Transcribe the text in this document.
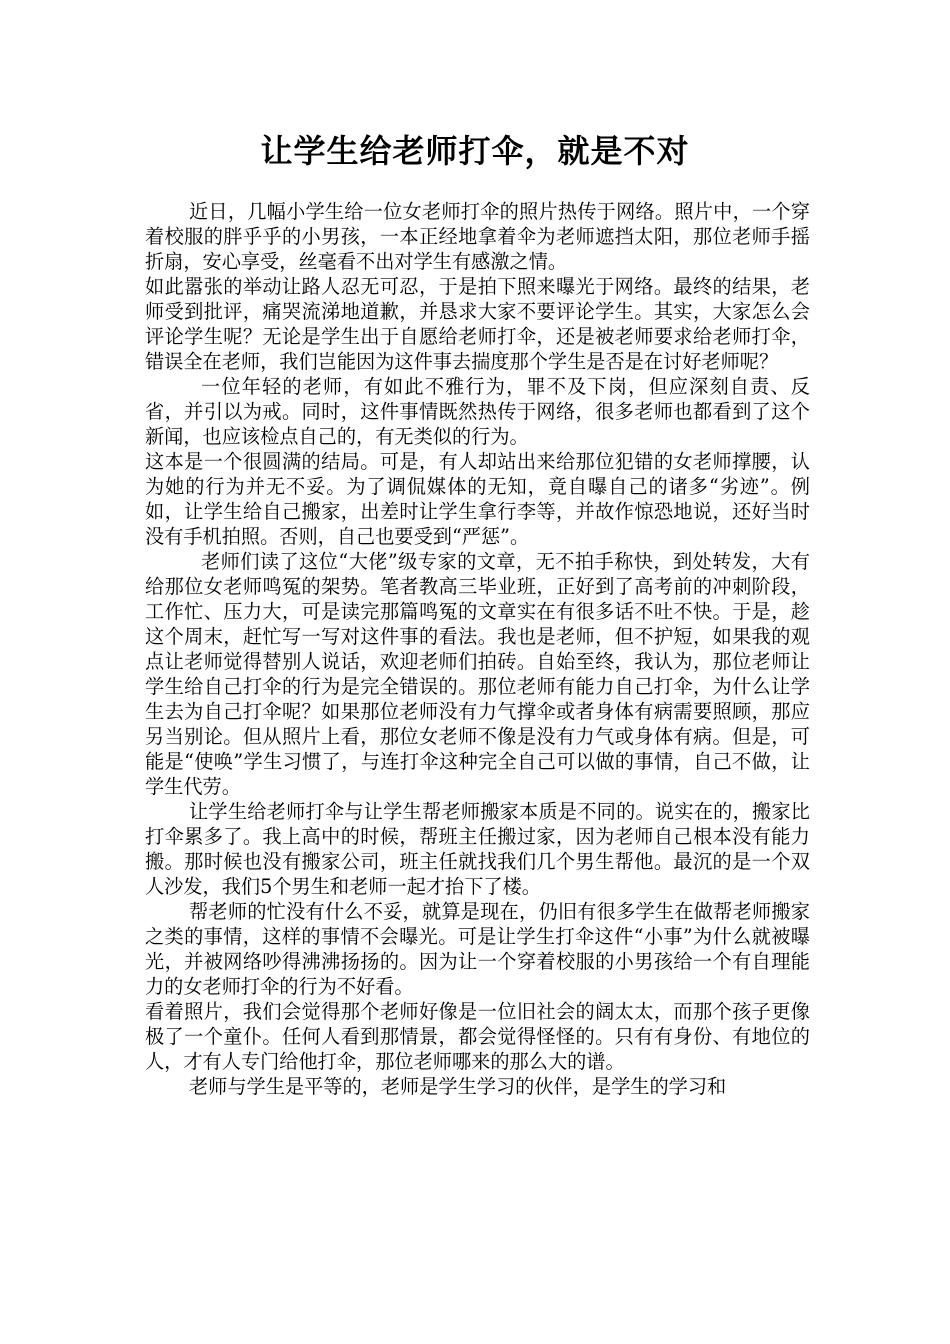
让学生给老师打伞，就是不对

近日，几幅小学生给一位女老师打伞的照片热传于网络。照片中，一个穿着校服的胖乎乎的小男孩，一本正经地拿着伞为老师遮挡太阳，那位老师手摇折扇，安心享受，丝毫看不出对学生有感激之情。

如此嚣张的举动让路人忍无可忍，于是拍下照来曝光于网络。最终的结果，老师受到批评，痛哭流涕地道歉，并恳求大家不要评论学生。其实，大家怎么会评论学生呢？无论是学生出于自愿给老师打伞，还是被老师要求给老师打伞，错误全在老师，我们岂能因为这件事去揣度那个学生是否是在讨好老师呢？

一位年轻的老师，有如此不雅行为，罪不及下岗，但应深刻自责、反省，并引以为戒。同时，这件事情既然热传于网络，很多老师也都看到了这个新闻，也应该检点自己的，有无类似的行为。

这本是一个很圆满的结局。可是，有人却站出来给那位犯错的女老师撑腰，认为她的行为并无不妥。为了调侃媒体的无知，竟自曝自己的诸多“劣迹”。例如，让学生给自己搬家，出差时让学生拿行李等，并故作惊恐地说，还好当时没有手机拍照。否则，自己也要受到“严惩”。

老师们读了这位“大佬”级专家的文章，无不拍手称快，到处转发，大有给那位女老师鸣冤的架势。笔者教高三毕业班，正好到了高考前的冲刺阶段，工作忙、压力大，可是读完那篇鸣冤的文章实在有很多话不吐不快。于是，趁这个周末，赶忙写一写对这件事的看法。我也是老师，但不护短，如果我的观点让老师觉得替别人说话，欢迎老师们拍砖。自始至终，我认为，那位老师让学生给自己打伞的行为是完全错误的。那位老师有能力自己打伞，为什么让学生去为自己打伞呢？如果那位老师没有力气撑伞或者身体有病需要照顾，那应另当别论。但从照片上看，那位女老师不像是没有力气或身体有病。但是，可能是“使唤”学生习惯了，与连打伞这种完全自己可以做的事情，自己不做，让学生代劳。

让学生给老师打伞与让学生帮老师搬家本质是不同的。说实在的，搬家比打伞累多了。我上高中的时候，帮班主任搬过家，因为老师自己根本没有能力搬。那时候也没有搬家公司，班主任就找我们几个男生帮他。最沉的是一个双人沙发，我们5个男生和老师一起才抬下了楼。

帮老师的忙没有什么不妥，就算是现在，仍旧有很多学生在做帮老师搬家之类的事情，这样的事情不会曝光。可是让学生打伞这件“小事”为什么就被曝光，并被网络吵得沸沸扬扬的。因为让一个穿着校服的小男孩给一个有自理能力的女老师打伞的行为不好看。

看着照片，我们会觉得那个老师好像是一位旧社会的阔太太，而那个孩子更像极了一个童仆。任何人看到那情景，都会觉得怪怪的。只有有身份、有地位的人，才有人专门给他打伞，那位老师哪来的那么大的谱。

老师与学生是平等的，老师是学生学习的伙伴，是学生的学习和
